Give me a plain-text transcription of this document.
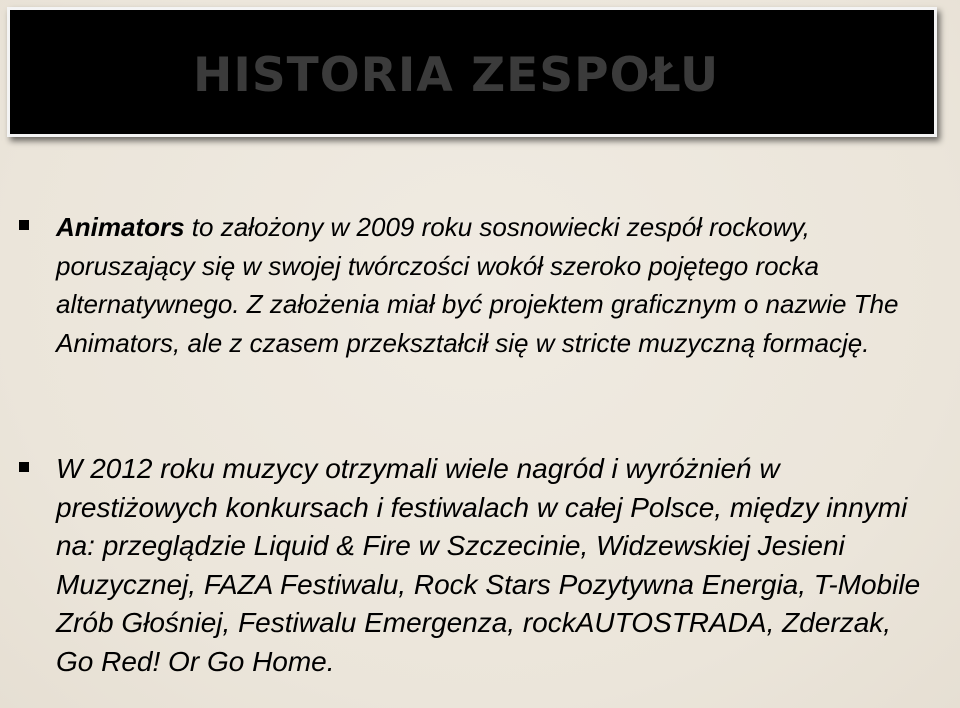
HISTORIA ZESPOŁU

Animators to założony w 2009 roku sosnowiecki zespół rockowy, poruszający się w swojej twórczości wokół szeroko pojętego rocka alternatywnego. Z założenia miał być projektem graficznym o nazwie The Animators, ale z czasem przekształcił się w stricte muzyczną formację.

W 2012 roku muzycy otrzymali wiele nagród i wyróżnień w prestiżowych konkursach i festiwalach w całej Polsce, między innymi na: przeglądzie Liquid & Fire w Szczecinie, Widzewskiej Jesieni Muzycznej, FAZA Festiwalu, Rock Stars Pozytywna Energia, T-Mobile Zrób Głośniej, Festiwalu Emergenza, rockAUTOSTRADA, Zderzak, Go Red! Or Go Home.
